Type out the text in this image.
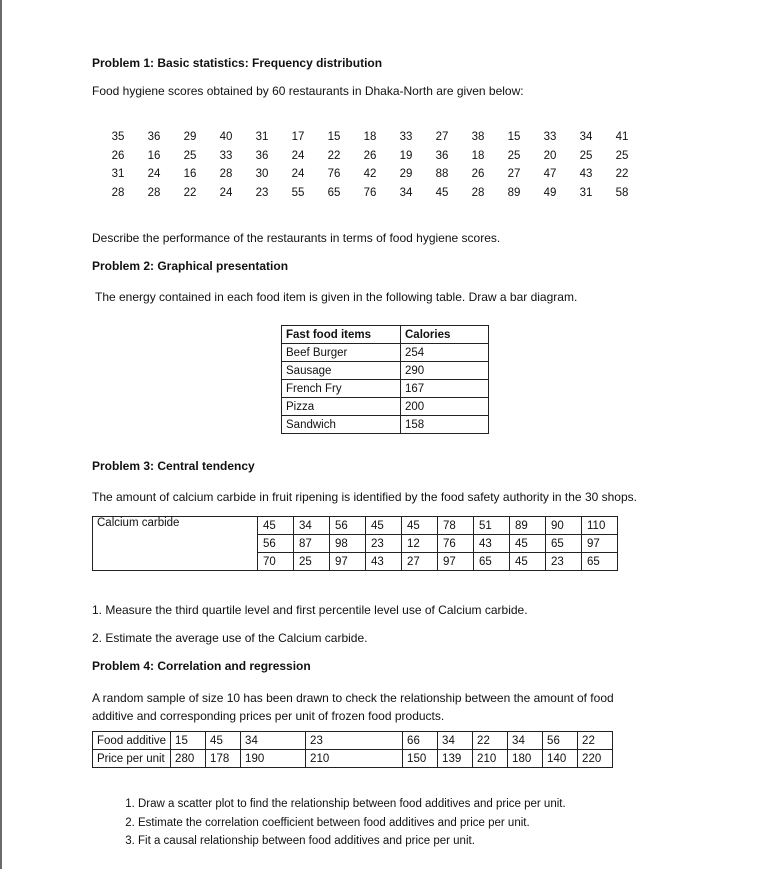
Problem 1: Basic statistics: Frequency distribution
Food hygiene scores obtained by 60 restaurants in Dhaka-North are given below:
35	36	29	40	31	17	15	18	33	27	38	15	33	34	41
26	16	25	33	36	24	22	26	19	36	18	25	20	25	25
31	24	16	28	30	24	76	42	29	88	26	27	47	43	22
28	28	22	24	23	55	65	76	34	45	28	89	49	31	58
Describe the performance of the restaurants in terms of food hygiene scores.
Problem 2: Graphical presentation
The energy contained in each food item is given in the following table. Draw a bar diagram.
Fast food items	Calories
Beef Burger	254
Sausage	290
French Fry	167
Pizza	200
Sandwich	158
Problem 3: Central tendency
The amount of calcium carbide in fruit ripening is identified by the food safety authority in the 30 shops.
Calcium carbide	45	34	56	45	45	78	51	89	90	110
	56	87	98	23	12	76	43	45	65	97
	70	25	97	43	27	97	65	45	23	65
1. Measure the third quartile level and first percentile level use of Calcium carbide.
2. Estimate the average use of the Calcium carbide.
Problem 4: Correlation and regression
A random sample of size 10 has been drawn to check the relationship between the amount of food
additive and corresponding prices per unit of frozen food products.
Food additive	15	45	34	23	66	34	22	34	56	22
Price per unit	280	178	190	210	150	139	210	180	140	220
1. Draw a scatter plot to find the relationship between food additives and price per unit.
2. Estimate the correlation coefficient between food additives and price per unit.
3. Fit a causal relationship between food additives and price per unit.
